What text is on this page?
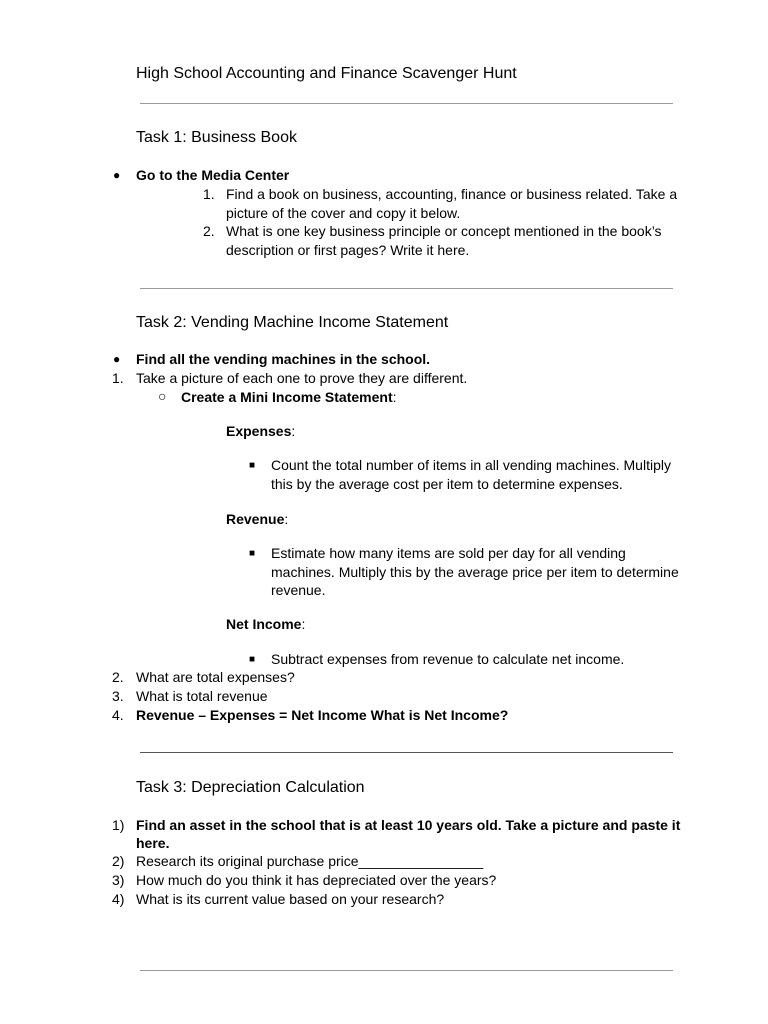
High School Accounting and Finance Scavenger Hunt
Task 1: Business Book
● Go to the Media Center
1. Find a book on business, accounting, finance or business related. Take a
picture of the cover and copy it below.
2. What is one key business principle or concept mentioned in the book’s
description or first pages? Write it here.
Task 2: Vending Machine Income Statement
● Find all the vending machines in the school.
1. Take a picture of each one to prove they are different.
○ Create a Mini Income Statement:
Expenses:
■ Count the total number of items in all vending machines. Multiply
this by the average cost per item to determine expenses.
Revenue:
■ Estimate how many items are sold per day for all vending
machines. Multiply this by the average price per item to determine
revenue.
Net Income:
■ Subtract expenses from revenue to calculate net income.
2. What are total expenses?
3. What is total revenue
4. Revenue – Expenses = Net Income What is Net Income?
Task 3: Depreciation Calculation
1) Find an asset in the school that is at least 10 years old. Take a picture and paste it
here.
2) Research its original purchase price________________
3) How much do you think it has depreciated over the years?
4) What is its current value based on your research?
